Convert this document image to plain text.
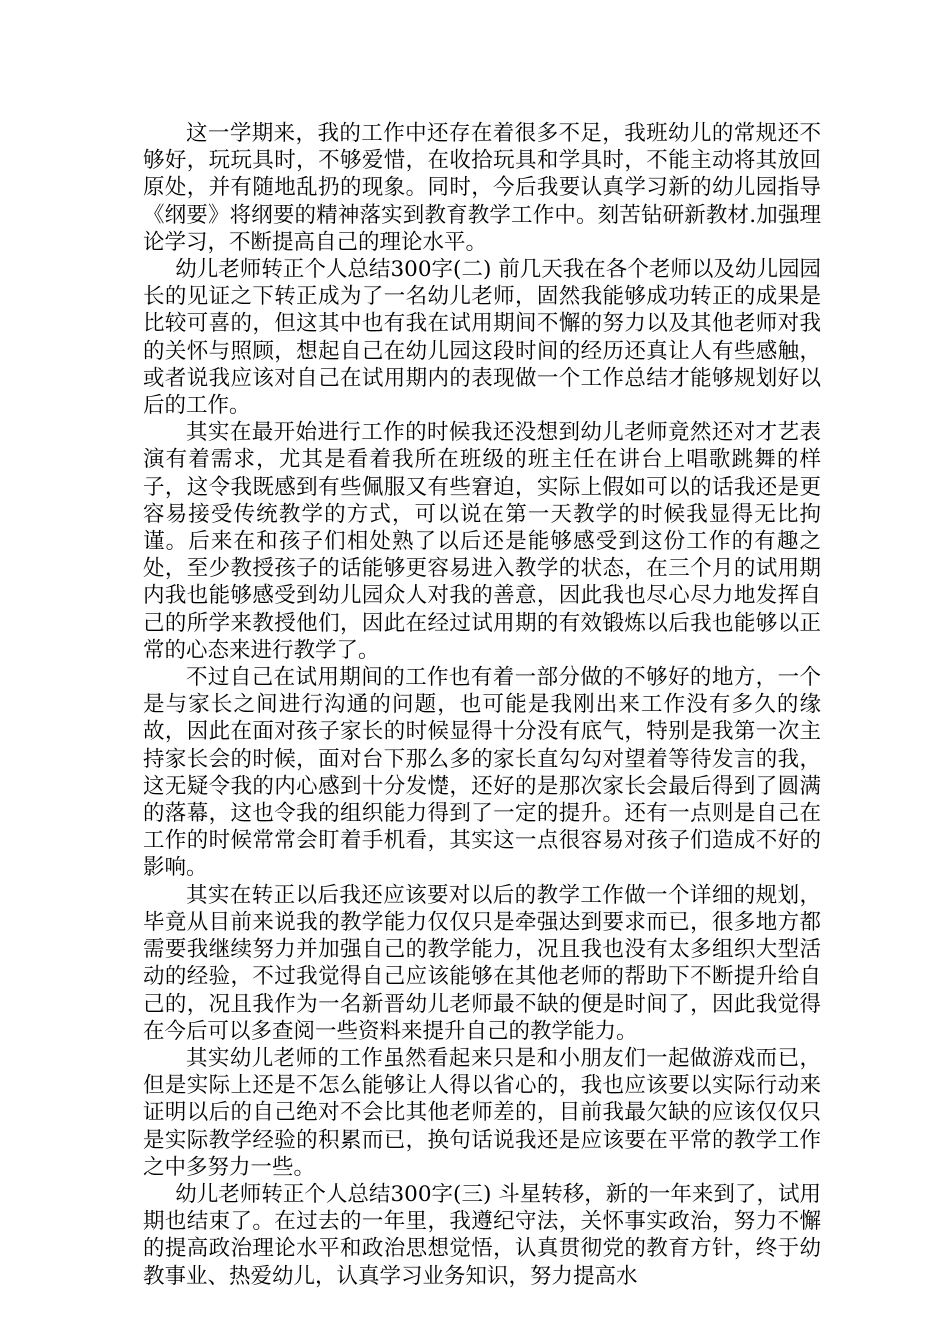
这一学期来，我的工作中还存在着很多不足，我班幼儿的常规还不够好，玩玩具时，不够爱惜，在收拾玩具和学具时，不能主动将其放回原处，并有随地乱扔的现象。同时，今后我要认真学习新的幼儿园指导《纲要》将纲要的精神落实到教育教学工作中。刻苦钻研新教材.加强理论学习，不断提高自己的理论水平。

幼儿老师转正个人总结300字(二) 前几天我在各个老师以及幼儿园园长的见证之下转正成为了一名幼儿老师，固然我能够成功转正的成果是比较可喜的，但这其中也有我在试用期间不懈的努力以及其他老师对我的关怀与照顾，想起自己在幼儿园这段时间的经历还真让人有些感触，或者说我应该对自己在试用期内的表现做一个工作总结才能够规划好以后的工作。

其实在最开始进行工作的时候我还没想到幼儿老师竟然还对才艺表演有着需求，尤其是看着我所在班级的班主任在讲台上唱歌跳舞的样子，这令我既感到有些佩服又有些窘迫，实际上假如可以的话我还是更容易接受传统教学的方式，可以说在第一天教学的时候我显得无比拘谨。后来在和孩子们相处熟了以后还是能够感受到这份工作的有趣之处，至少教授孩子的话能够更容易进入教学的状态，在三个月的试用期内我也能够感受到幼儿园众人对我的善意，因此我也尽心尽力地发挥自己的所学来教授他们，因此在经过试用期的有效锻炼以后我也能够以正常的心态来进行教学了。

不过自己在试用期间的工作也有着一部分做的不够好的地方，一个是与家长之间进行沟通的问题，也可能是我刚出来工作没有多久的缘故，因此在面对孩子家长的时候显得十分没有底气，特别是我第一次主持家长会的时候，面对台下那么多的家长直勾勾对望着等待发言的我，这无疑令我的内心感到十分发憷，还好的是那次家长会最后得到了圆满的落幕，这也令我的组织能力得到了一定的提升。还有一点则是自己在工作的时候常常会盯着手机看，其实这一点很容易对孩子们造成不好的影响。

其实在转正以后我还应该要对以后的教学工作做一个详细的规划，毕竟从目前来说我的教学能力仅仅只是牵强达到要求而已，很多地方都需要我继续努力并加强自己的教学能力，况且我也没有太多组织大型活动的经验，不过我觉得自己应该能够在其他老师的帮助下不断提升给自己的，况且我作为一名新晋幼儿老师最不缺的便是时间了，因此我觉得在今后可以多查阅一些资料来提升自己的教学能力。

其实幼儿老师的工作虽然看起来只是和小朋友们一起做游戏而已，但是实际上还是不怎么能够让人得以省心的，我也应该要以实际行动来证明以后的自己绝对不会比其他老师差的，目前我最欠缺的应该仅仅只是实际教学经验的积累而已，换句话说我还是应该要在平常的教学工作之中多努力一些。

幼儿老师转正个人总结300字(三) 斗星转移，新的一年来到了，试用期也结束了。在过去的一年里，我遵纪守法，关怀事实政治，努力不懈的提高政治理论水平和政治思想觉悟，认真贯彻党的教育方针，终于幼教事业、热爱幼儿，认真学习业务知识，努力提高水
